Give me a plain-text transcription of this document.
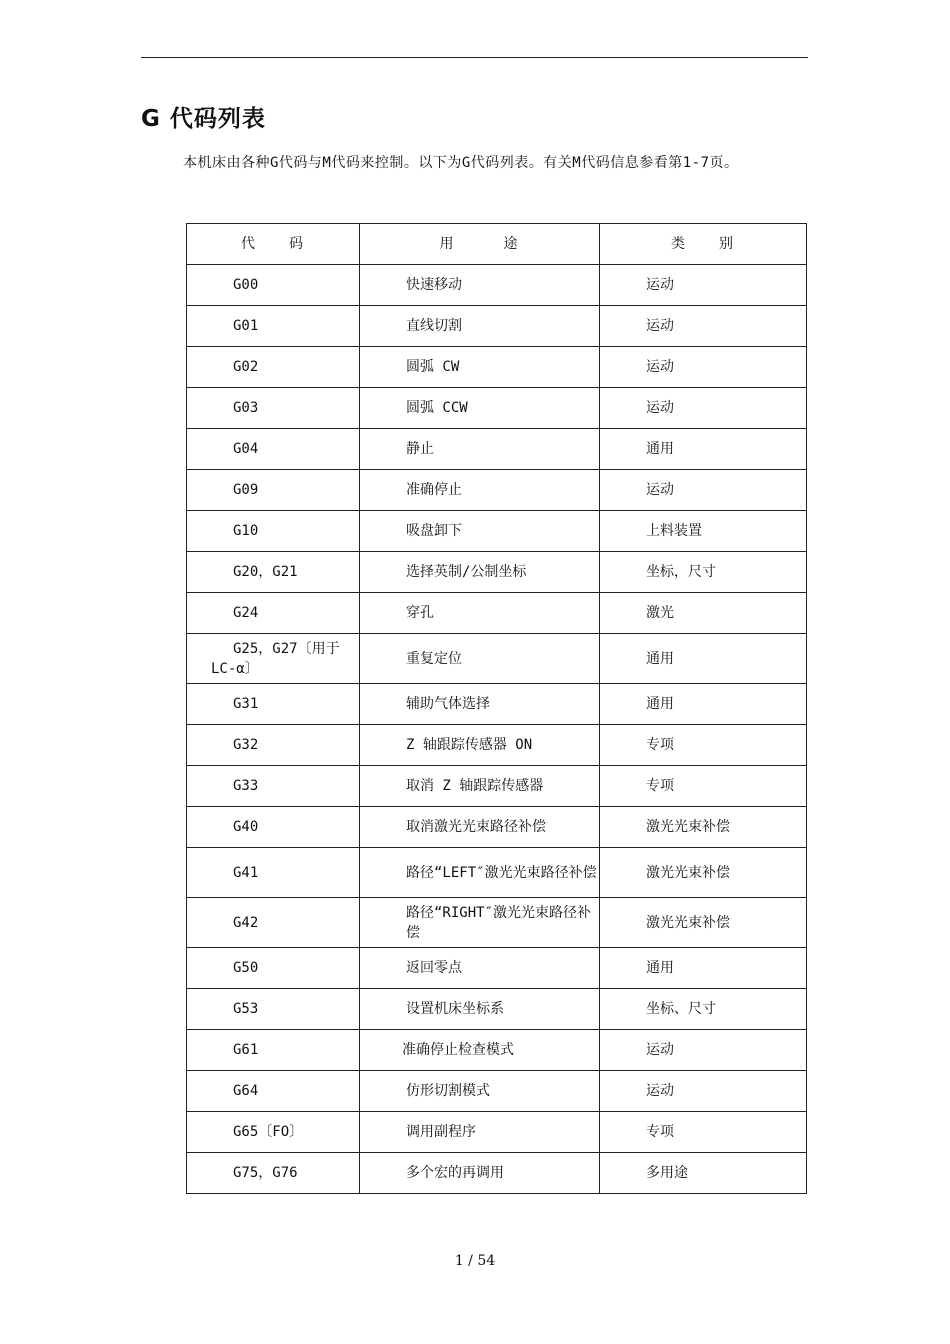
G 代码列表

本机床由各种G代码与M代码来控制。以下为G代码列表。有关M代码信息参看第1-7页。

代　　码	用　　　途	类　　别
G00	快速移动	运动
G01	直线切割	运动
G02	圆弧 CW	运动
G03	圆弧 CCW	运动
G04	静止	通用
G09	准确停止	运动
G10	吸盘卸下	上料装置
G20，G21	选择英制/公制坐标	坐标，尺寸
G24	穿孔	激光
G25，G27〔用于LC-α〕	重复定位	通用
G31	辅助气体选择	通用
G32	Z 轴跟踪传感器 ON	专项
G33	取消 Z 轴跟踪传感器	专项
G40	取消激光光束路径补偿	激光光束补偿
G41	路径“LEFT″激光光束路径补偿	激光光束补偿
G42	路径“RIGHT″激光光束路径补偿	激光光束补偿
G50	返回零点	通用
G53	设置机床坐标系	坐标、尺寸
G61	准确停止检查模式	运动
G64	仿形切割模式	运动
G65〔FO〕	调用副程序	专项
G75，G76	多个宏的再调用	多用途
1 / 54
